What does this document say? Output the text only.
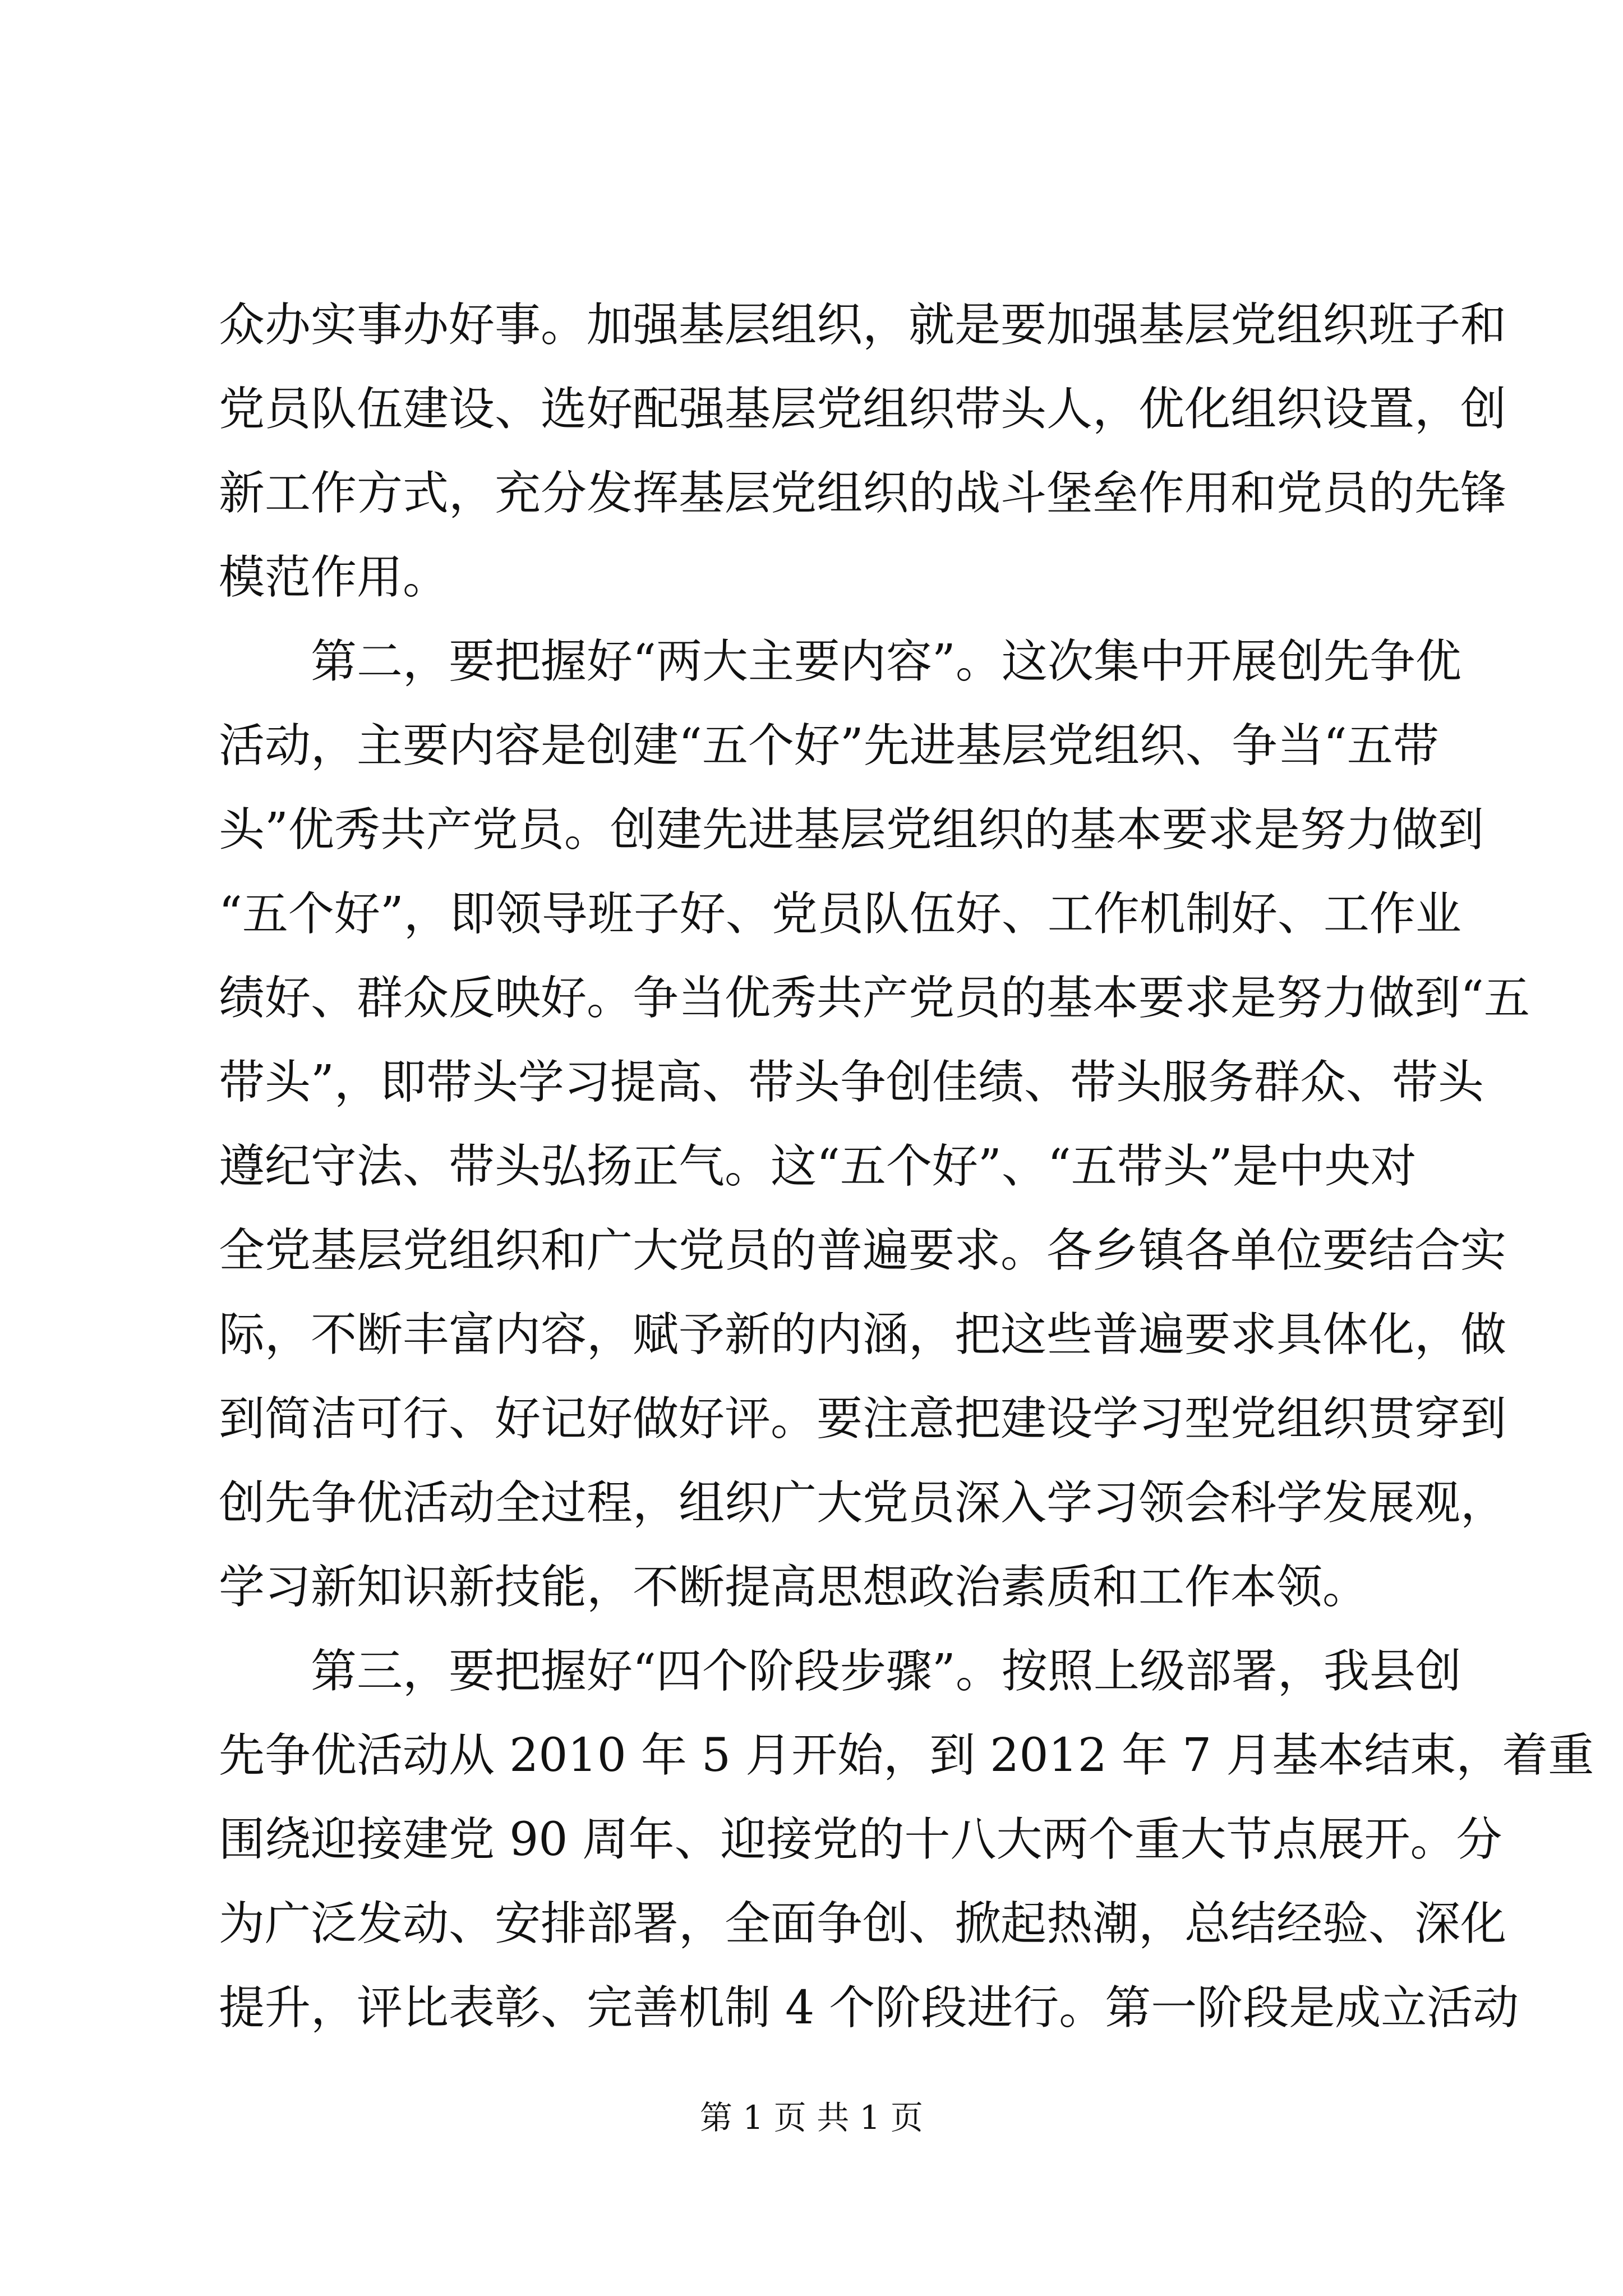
众办实事办好事。加强基层组织，就是要加强基层党组织班子和
党员队伍建设、选好配强基层党组织带头人，优化组织设置，创
新工作方式，充分发挥基层党组织的战斗堡垒作用和党员的先锋
模范作用。
第二，要把握好“两大主要内容”。这次集中开展创先争优
活动，主要内容是创建“五个好”先进基层党组织、争当“五带
头”优秀共产党员。创建先进基层党组织的基本要求是努力做到
“五个好”，即领导班子好、党员队伍好、工作机制好、工作业
绩好、群众反映好。争当优秀共产党员的基本要求是努力做到“五
带头”，即带头学习提高、带头争创佳绩、带头服务群众、带头
遵纪守法、带头弘扬正气。这“五个好”、“五带头”是中央对
全党基层党组织和广大党员的普遍要求。各乡镇各单位要结合实
际，不断丰富内容，赋予新的内涵，把这些普遍要求具体化，做
到简洁可行、好记好做好评。要注意把建设学习型党组织贯穿到
创先争优活动全过程，组织广大党员深入学习领会科学发展观，
学习新知识新技能，不断提高思想政治素质和工作本领。
第三，要把握好“四个阶段步骤”。按照上级部署，我县创
先争优活动从 2010 年 5 月开始，到 2012 年 7 月基本结束，着重
围绕迎接建党 90 周年、迎接党的十八大两个重大节点展开。分
为广泛发动、安排部署，全面争创、掀起热潮，总结经验、深化
提升，评比表彰、完善机制 4 个阶段进行。第一阶段是成立活动
第 1 页 共 1 页
